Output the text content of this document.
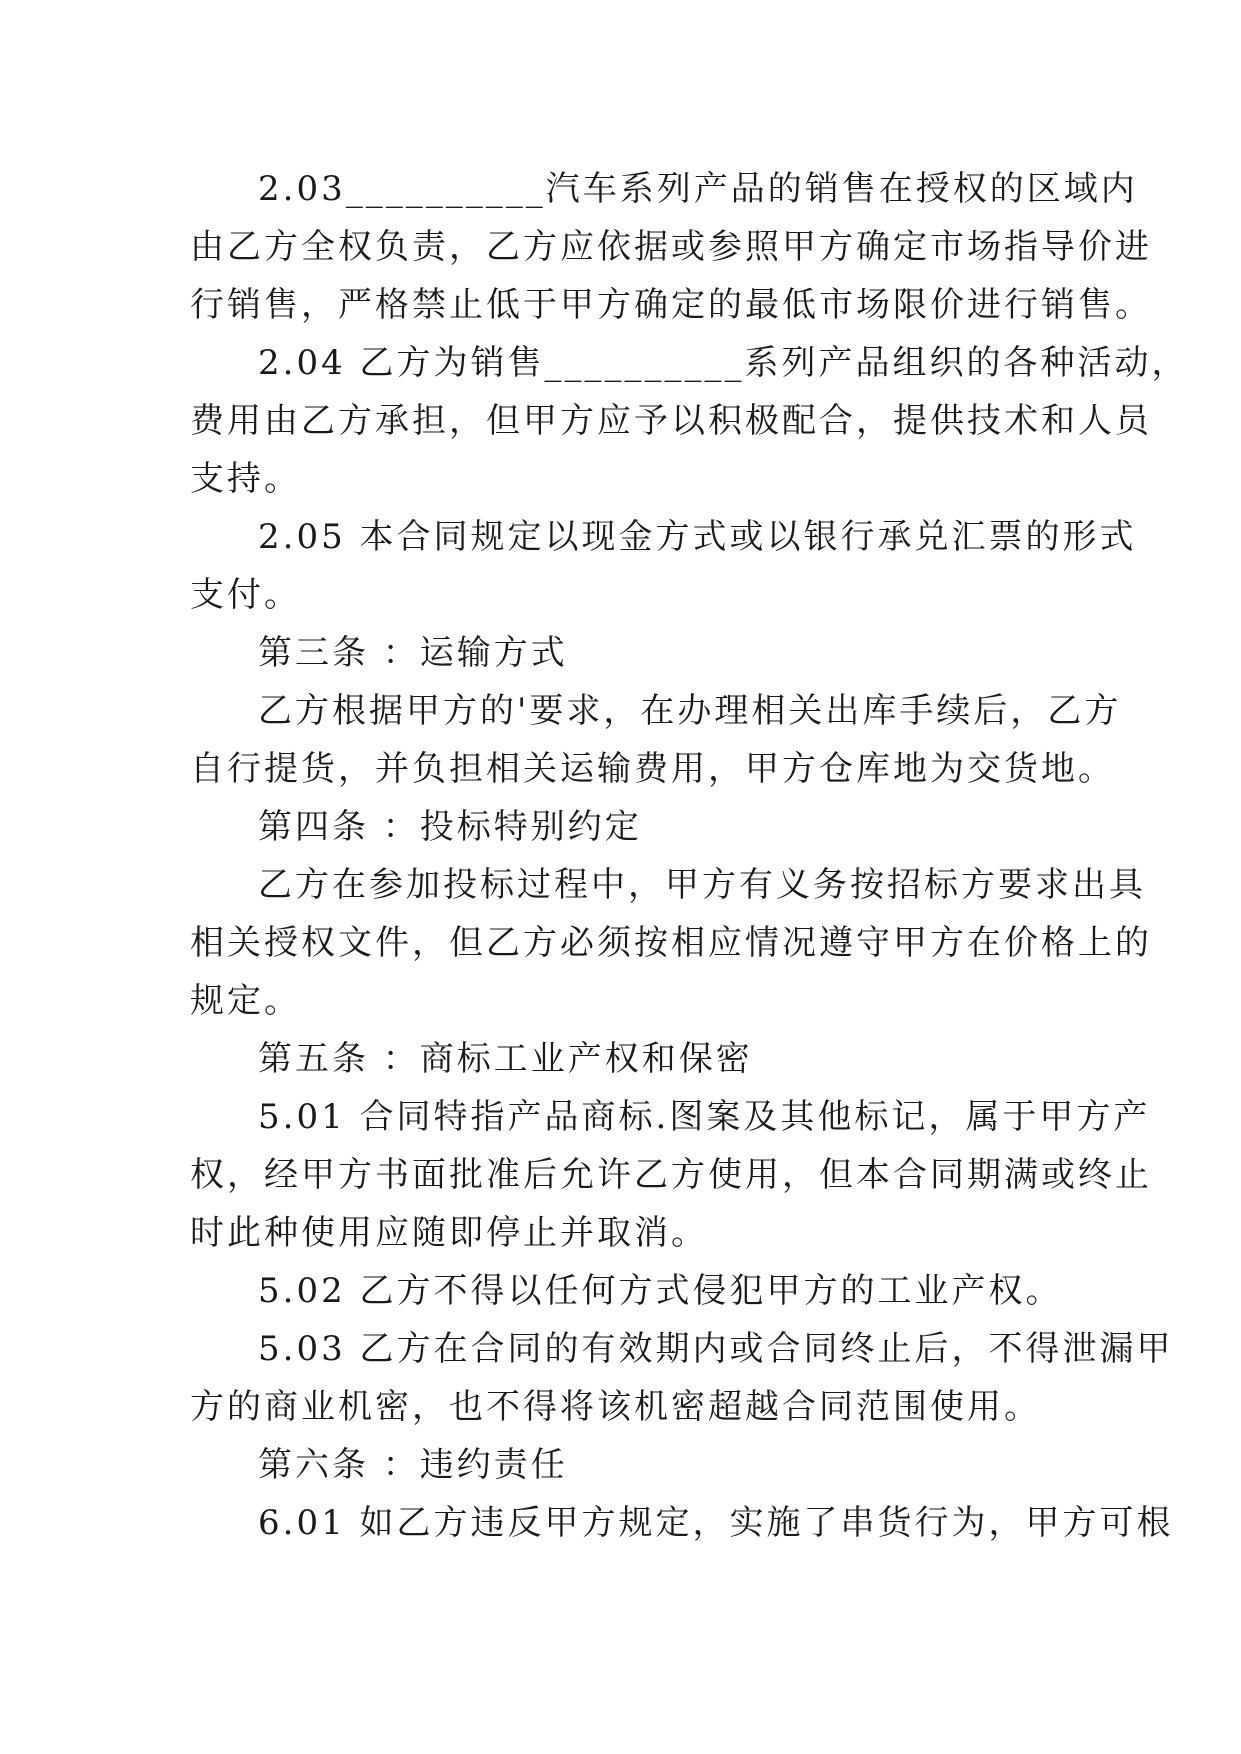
2.03__________汽车系列产品的销售在授权的区域内
由乙方全权负责，乙方应依据或参照甲方确定市场指导价进
行销售，严格禁止低于甲方确定的最低市场限价进行销售。
2.04 乙方为销售__________系列产品组织的各种活动，
费用由乙方承担，但甲方应予以积极配合，提供技术和人员
支持。
2.05 本合同规定以现金方式或以银行承兑汇票的形式
支付。
第三条 ：运输方式
乙方根据甲方的'要求，在办理相关出库手续后，乙方
自行提货，并负担相关运输费用，甲方仓库地为交货地。
第四条 ：投标特别约定
乙方在参加投标过程中，甲方有义务按招标方要求出具
相关授权文件，但乙方必须按相应情况遵守甲方在价格上的
规定。
第五条 ：商标工业产权和保密
5.01 合同特指产品商标.图案及其他标记，属于甲方产
权，经甲方书面批准后允许乙方使用，但本合同期满或终止
时此种使用应随即停止并取消。
5.02 乙方不得以任何方式侵犯甲方的工业产权。
5.03 乙方在合同的有效期内或合同终止后，不得泄漏甲
方的商业机密，也不得将该机密超越合同范围使用。
第六条 ：违约责任
6.01 如乙方违反甲方规定，实施了串货行为，甲方可根
